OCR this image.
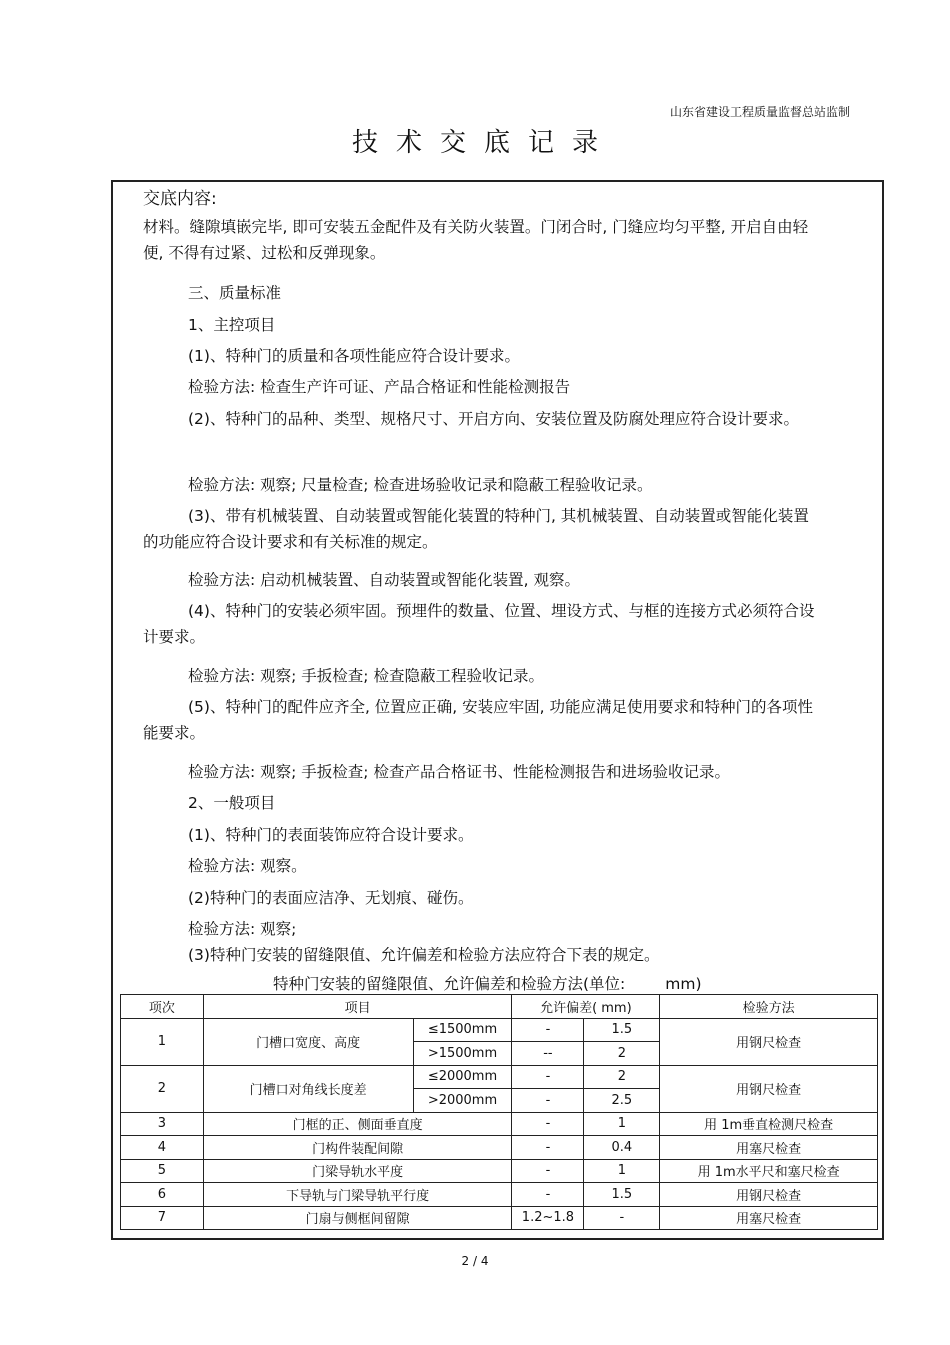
山东省建设工程质量监督总站监制
技术交底记录
交底内容:
材料。缝隙填嵌完毕, 即可安装五金配件及有关防火装置。门闭合时, 门缝应均匀平整, 开启自由轻便, 不得有过紧、过松和反弹现象。
三、质量标准
1、主控项目
(1)、特种门的质量和各项性能应符合设计要求。
检验方法: 检查生产许可证、产品合格证和性能检测报告
(2)、特种门的品种、类型、规格尺寸、开启方向、安装位置及防腐处理应符合设计要求。
检验方法: 观察; 尺量检查; 检查进场验收记录和隐蔽工程验收记录。
(3)、带有机械装置、自动装置或智能化装置的特种门, 其机械装置、自动装置或智能化装置的功能应符合设计要求和有关标准的规定。
检验方法: 启动机械装置、自动装置或智能化装置, 观察。
(4)、特种门的安装必须牢固。预埋件的数量、位置、埋设方式、与框的连接方式必须符合设计要求。
检验方法: 观察; 手扳检查; 检查隐蔽工程验收记录。
(5)、特种门的配件应齐全, 位置应正确, 安装应牢固, 功能应满足使用要求和特种门的各项性能要求。
检验方法: 观察; 手扳检查; 检查产品合格证书、性能检测报告和进场验收记录。
2、一般项目
(1)、特种门的表面装饰应符合设计要求。
检验方法: 观察。
(2)特种门的表面应洁净、无划痕、碰伤。
检验方法: 观察;
(3)特种门安装的留缝限值、允许偏差和检验方法应符合下表的规定。
特种门安装的留缝限值、允许偏差和检验方法(单位:	mm)
项次	项目		允许偏差( mm)		检验方法
1	门槽口宽度、高度	≤1500mm	-	1.5	用钢尺检查
		>1500mm	--	2	
2	门槽口对角线长度差	≤2000mm	-	2	用钢尺检查
		>2000mm	-	2.5	
3	门框的正、侧面垂直度		-	1	用 1m垂直检测尺检查
4	门构件装配间隙		-	0.4	用塞尺检查
5	门梁导轨水平度		-	1	用 1m水平尺和塞尺检查
6	下导轨与门梁导轨平行度		-	1.5	用钢尺检查
7	门扇与侧框间留隙		1.2~1.8	-	用塞尺检查
2 / 4
